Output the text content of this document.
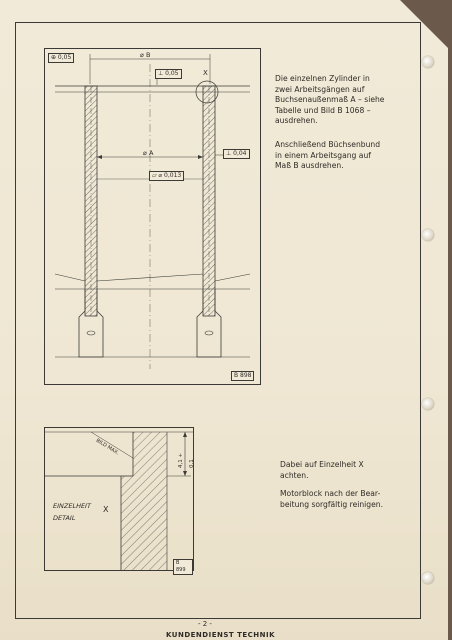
⊕ 0,05	⌀ B
⊥ 0,05	X
⌀ A	⊥ 0,04
▱ ⌀ 0,013
B 898
BILD MAX.
4,1 + 0,1
EINZELHEIT
DETAIL
X
B 899

Die einzelnen Zylinder in

zwei Arbeitsgängen auf

Buchsenaußenmaß A – siehe

Tabelle und Bild B 1068 –

ausdrehen.

Anschließend Büchsenbund

in einem Arbeitsgang auf

Maß B ausdrehen.

Dabei auf Einzelheit X

achten.

Motorblock nach der Bear-

beitung sorgfältig reinigen.

- 2 -
KUNDENDIENST TECHNIK
